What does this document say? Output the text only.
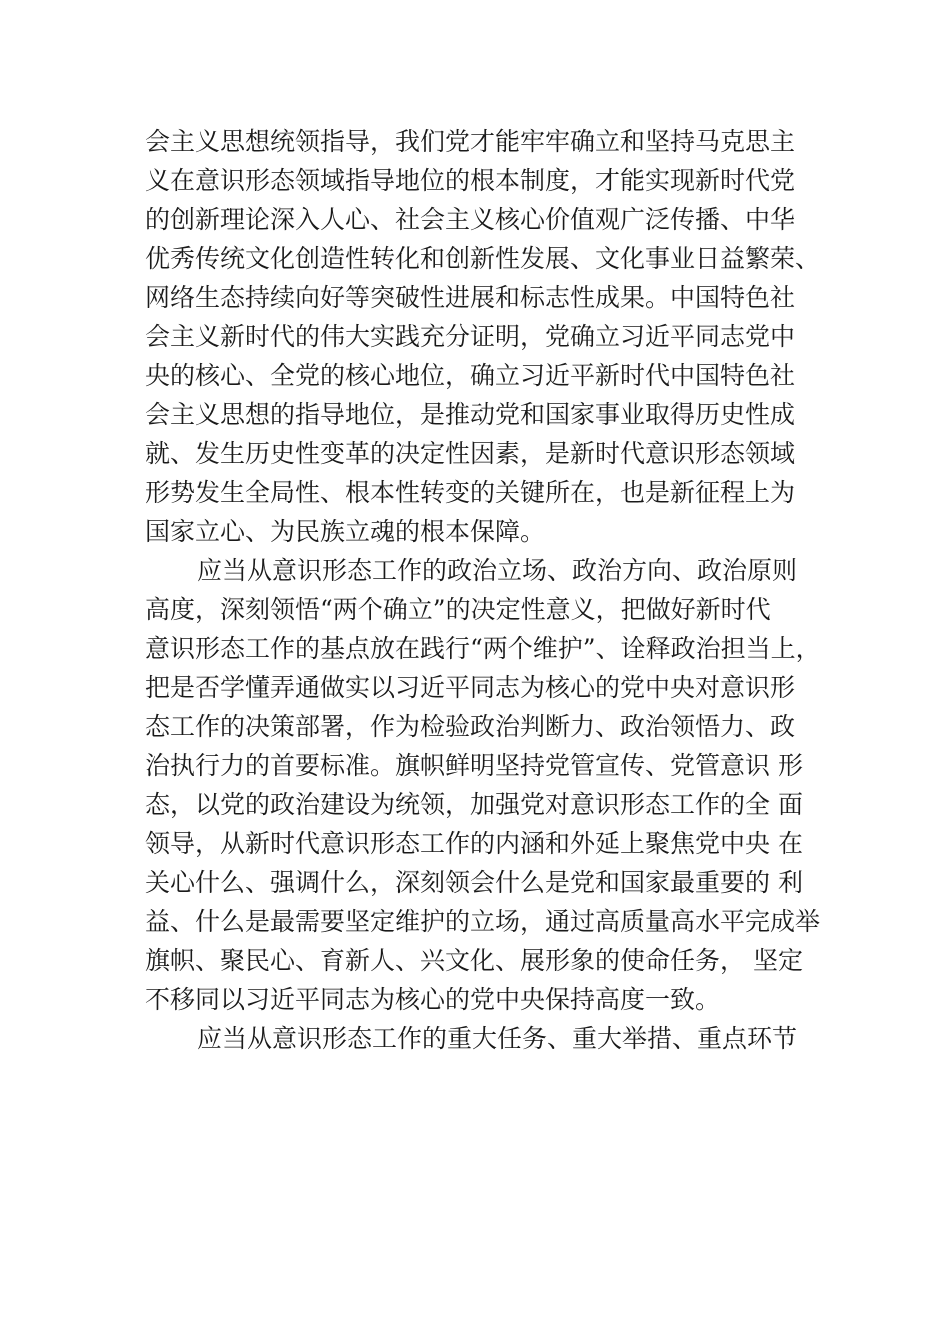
会主义思想统领指导，我们党才能牢牢确立和坚持马克思主
义在意识形态领域指导地位的根本制度，才能实现新时代党
的创新理论深入人心、社会主义核心价值观广泛传播、中华
优秀传统文化创造性转化和创新性发展、文化事业日益繁荣、
网络生态持续向好等突破性进展和标志性成果。中国特色社
会主义新时代的伟大实践充分证明，党确立习近平同志党中
央的核心、全党的核心地位，确立习近平新时代中国特色社
会主义思想的指导地位，是推动党和国家事业取得历史性成
就、发生历史性变革的决定性因素，是新时代意识形态领域
形势发生全局性、根本性转变的关键所在，也是新征程上为
国家立心、为民族立魂的根本保障。
应当从意识形态工作的政治立场、政治方向、政治原则
高度，深刻领悟“两个确立”的决定性意义，把做好新时代
意识形态工作的基点放在践行“两个维护”、诠释政治担当上，
把是否学懂弄通做实以习近平同志为核心的党中央对意识形
态工作的决策部署，作为检验政治判断力、政治领悟力、政
治执行力的首要标准。旗帜鲜明坚持党管宣传、党管意识 形
态，以党的政治建设为统领，加强党对意识形态工作的全 面
领导，从新时代意识形态工作的内涵和外延上聚焦党中央 在
关心什么、强调什么，深刻领会什么是党和国家最重要的 利
益、什么是最需要坚定维护的立场，通过高质量高水平完成举
旗帜、聚民心、育新人、兴文化、展形象的使命任务， 坚定
不移同以习近平同志为核心的党中央保持高度一致。
应当从意识形态工作的重大任务、重大举措、重点环节
